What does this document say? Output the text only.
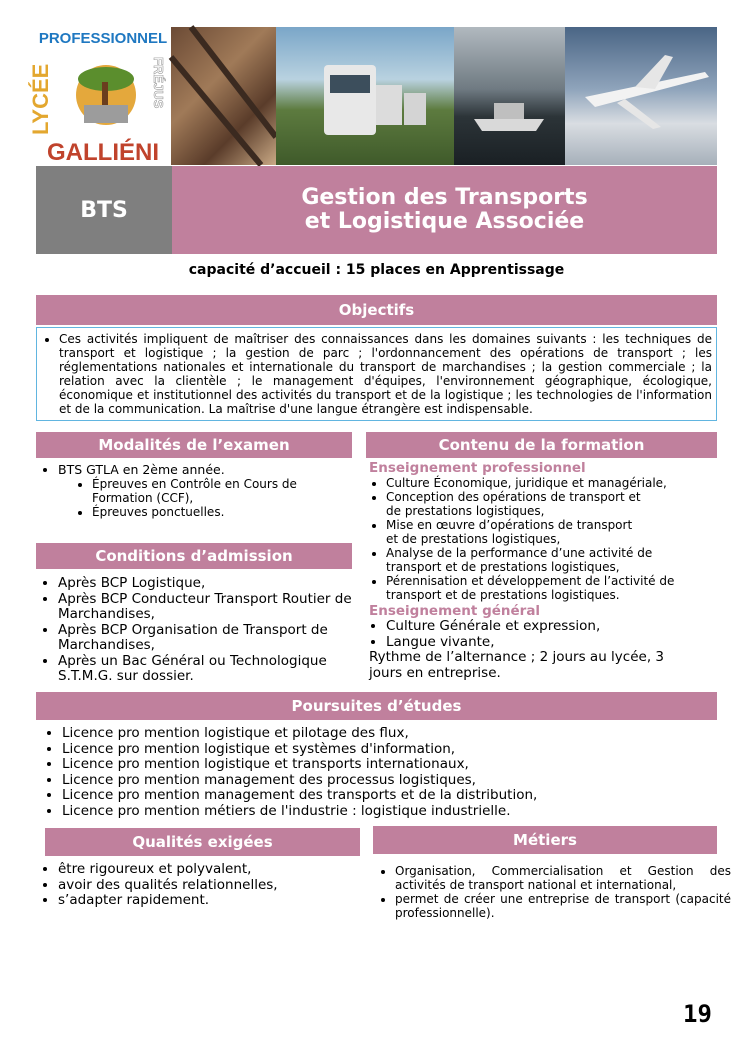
PROFESSIONNEL
LYCÉE	FRÉJUS
GALLIÉNI
BTS	Gestion des Transports et Logistique Associée
capacité d’accueil : 15 places en Apprentissage
Objectifs
• Ces activités impliquent de maîtriser des connaissances dans les domaines suivants : les techniques de transport et logistique ; la gestion de parc ; l'ordonnancement des opérations de transport ; les réglementations nationales et internationale du transport de marchandises ; la gestion commerciale ; la relation avec la clientèle ; le management d'équipes, l'environnement géographique, écologique, économique et institutionnel des activités du transport et de la logistique ; les technologies de l'information et de la communication. La maîtrise d'une langue étrangère est indispensable.
Modalités de l’examen
• BTS GTLA en 2ème année.
• Épreuves en Contrôle en Cours de Formation (CCF),
• Épreuves ponctuelles.
Conditions d’admission
• Après BCP Logistique,
• Après BCP Conducteur Transport Routier de Marchandises,
• Après BCP Organisation de Transport de Marchandises,
• Après un Bac Général ou Technologique S.T.M.G. sur dossier.
Contenu de la formation
Enseignement professionnel
• Culture Économique, juridique et managériale,
• Conception des opérations de transport et de prestations logistiques,
• Mise en œuvre d’opérations de transport et de prestations logistiques,
• Analyse de la performance d’une activité de transport et de prestations logistiques,
• Pérennisation et développement de l’activité de transport et de prestations logistiques.
Enseignement général
• Culture Générale et expression,
• Langue vivante,
Rythme de l’alternance ; 2 jours au lycée, 3 jours en entreprise.
Poursuites d’études
• Licence pro mention logistique et pilotage des flux,
• Licence pro mention logistique et systèmes d'information,
• Licence pro mention logistique et transports internationaux,
• Licence pro mention management des processus logistiques,
• Licence pro mention management des transports et de la distribution,
• Licence pro mention métiers de l'industrie : logistique industrielle.
Qualités exigées
• être rigoureux et polyvalent,
• avoir des qualités relationnelles,
• s’adapter rapidement.
Métiers
• Organisation, Commercialisation et Gestion des activités de transport national et international,
• permet de créer une entreprise de transport (capacité professionnelle).
19
